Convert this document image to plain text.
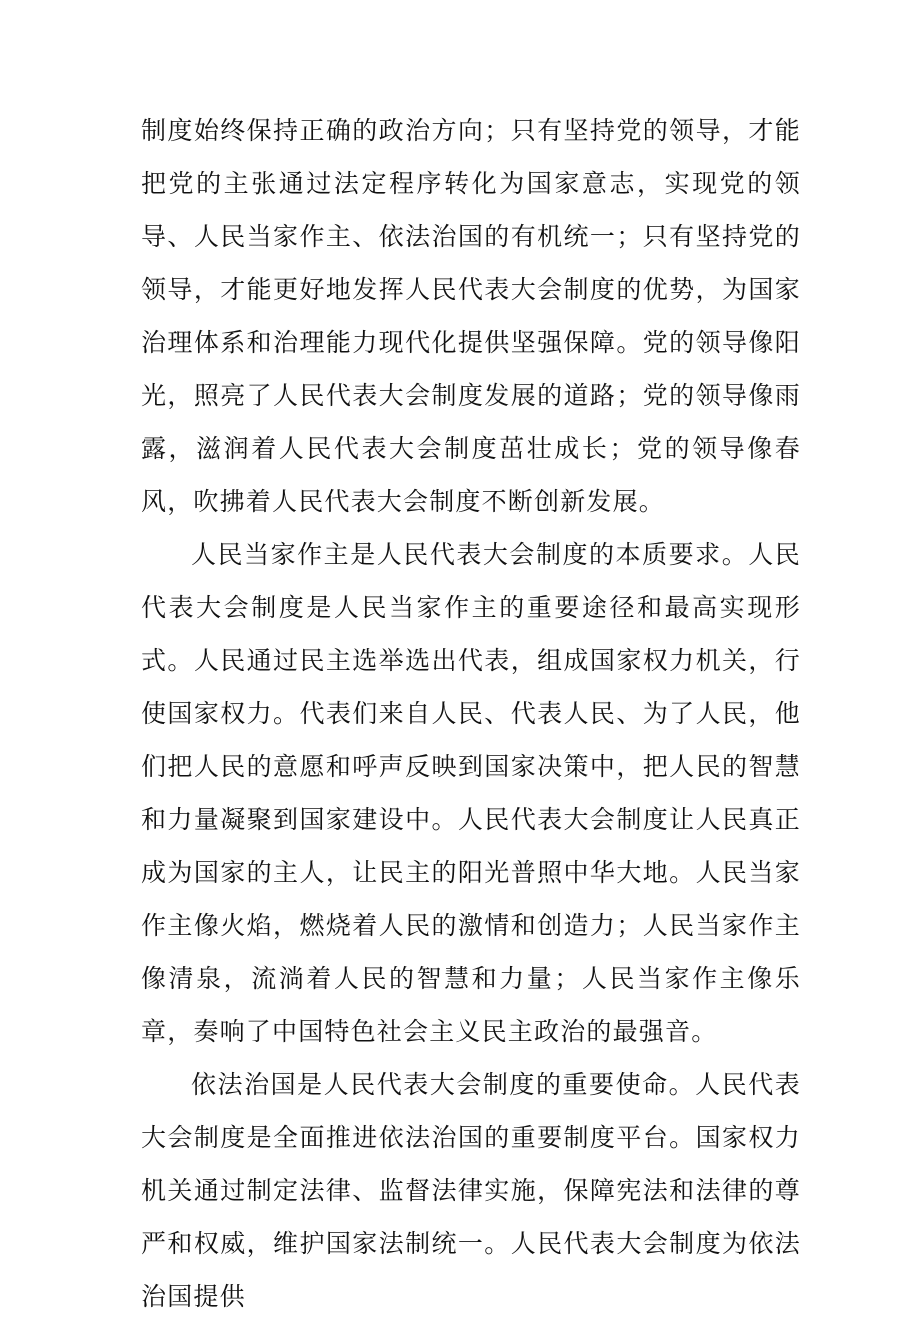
制度始终保持正确的政治方向；只有坚持党的领导，才能把党的主张通过法定程序转化为国家意志，实现党的领导、人民当家作主、依法治国的有机统一；只有坚持党的领导，才能更好地发挥人民代表大会制度的优势，为国家治理体系和治理能力现代化提供坚强保障。党的领导像阳光，照亮了人民代表大会制度发展的道路；党的领导像雨露，滋润着人民代表大会制度茁壮成长；党的领导像春风，吹拂着人民代表大会制度不断创新发展。

人民当家作主是人民代表大会制度的本质要求。人民代表大会制度是人民当家作主的重要途径和最高实现形式。人民通过民主选举选出代表，组成国家权力机关，行使国家权力。代表们来自人民、代表人民、为了人民，他们把人民的意愿和呼声反映到国家决策中，把人民的智慧和力量凝聚到国家建设中。人民代表大会制度让人民真正成为国家的主人，让民主的阳光普照中华大地。人民当家作主像火焰，燃烧着人民的激情和创造力；人民当家作主像清泉，流淌着人民的智慧和力量；人民当家作主像乐章，奏响了中国特色社会主义民主政治的最强音。

依法治国是人民代表大会制度的重要使命。人民代表大会制度是全面推进依法治国的重要制度平台。国家权力机关通过制定法律、监督法律实施，保障宪法和法律的尊严和权威，维护国家法制统一。人民代表大会制度为依法治国提供
